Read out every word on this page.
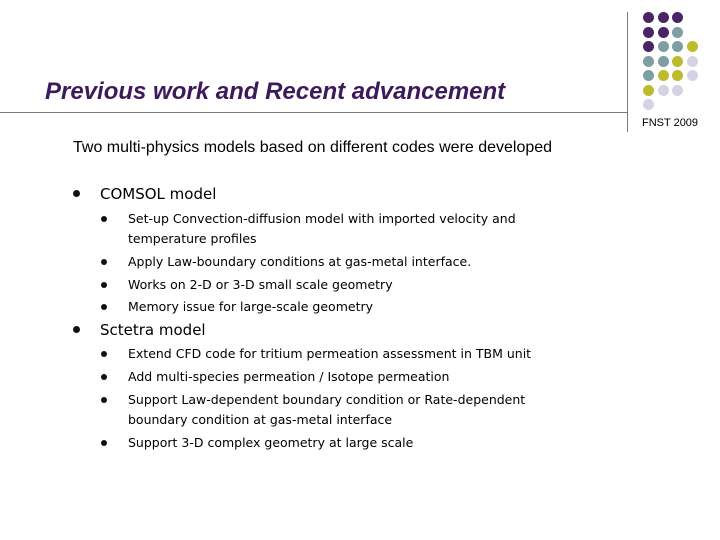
Previous work and Recent advancement
FNST 2009
Two multi-physics models based on different codes were developed
COMSOL model
Set-up Convection-diffusion model with imported velocity and temperature profiles
Apply Law-boundary conditions at gas-metal interface.
Works on 2-D or 3-D small scale geometry
Memory issue for large-scale geometry
Sctetra model
Extend CFD code for tritium permeation assessment in TBM unit
Add multi-species permeation / Isotope permeation
Support Law-dependent boundary condition or Rate-dependent boundary condition at gas-metal interface
Support 3-D complex geometry at large scale
